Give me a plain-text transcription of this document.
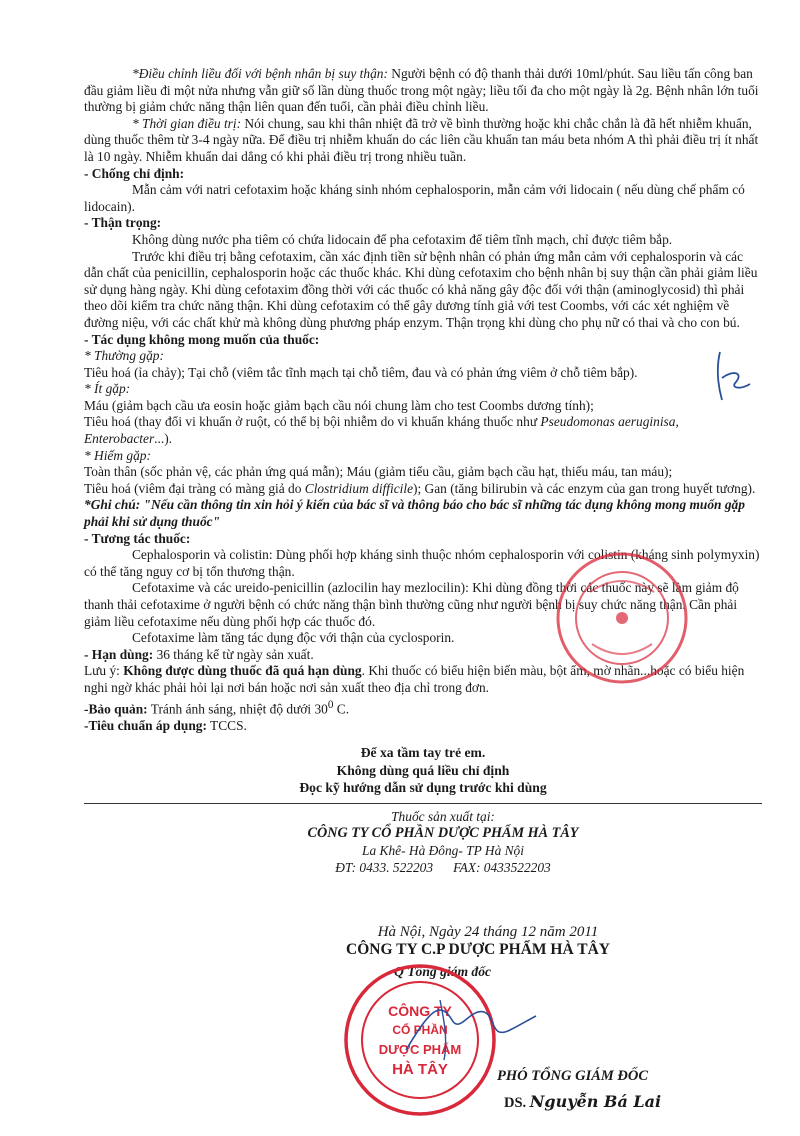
*Điều chỉnh liều đối với bệnh nhân bị suy thận: Người bệnh có độ thanh thải dưới 10ml/phút. Sau liều tấn công ban đầu giảm liều đi một nửa nhưng vẫn giữ số lần dùng thuốc trong một ngày; liều tối đa cho một ngày là 2g. Bệnh nhân lớn tuổi thường bị giảm chức năng thận liên quan đến tuổi, cần phải điều chỉnh liều.

* Thời gian điều trị: Nói chung, sau khi thân nhiệt đã trở về bình thường hoặc khi chắc chắn là đã hết nhiễm khuẩn, dùng thuốc thêm từ 3-4 ngày nữa. Để điều trị nhiễm khuẩn do các liên cầu khuẩn tan máu beta nhóm A thì phải điều trị ít nhất là 10 ngày. Nhiễm khuẩn dai dẳng có khi phải điều trị trong nhiều tuần.

- Chống chỉ định:

Mẫn cảm với natri cefotaxim hoặc kháng sinh nhóm cephalosporin, mẫn cảm với lidocain ( nếu dùng chế phẩm có lidocain).

- Thận trọng:

Không dùng nước pha tiêm có chứa lidocain để pha cefotaxim để tiêm tĩnh mạch, chỉ được tiêm bắp.

Trước khi điều trị bằng cefotaxim, cần xác định tiền sử bệnh nhân có phản ứng mẫn cảm với cephalosporin và các dẫn chất của penicillin, cephalosporin hoặc các thuốc khác. Khi dùng cefotaxim cho bệnh nhân bị suy thận cần phải giảm liều sử dụng hàng ngày. Khi dùng cefotaxim đồng thời với các thuốc có khả năng gây độc đối với thận (aminoglycosid) thì phải theo dõi kiểm tra chức năng thận. Khi dùng cefotaxim có thể gây dương tính giả với test Coombs, với các xét nghiệm về đường niệu, với các chất khử mà không dùng phương pháp enzym. Thận trọng khi dùng cho phụ nữ có thai và cho con bú.

- Tác dụng không mong muốn của thuốc:

* Thường gặp:

Tiêu hoá (ỉa chảy); Tại chỗ (viêm tắc tĩnh mạch tại chỗ tiêm, đau và có phản ứng viêm ở chỗ tiêm bắp).

* Ít gặp:

Máu (giảm bạch cầu ưa eosin hoặc giảm bạch cầu nói chung làm cho test Coombs dương tính);

Tiêu hoá (thay đổi vi khuẩn ở ruột, có thể bị bội nhiễm do vi khuẩn kháng thuốc như Pseudomonas aeruginisa, Enterobacter...).

* Hiếm gặp:

Toàn thân (sốc phản vệ, các phản ứng quá mẫn); Máu (giảm tiểu cầu, giảm bạch cầu hạt, thiếu máu, tan máu);

Tiêu hoá (viêm đại tràng có màng giả do Clostridium difficile); Gan (tăng bilirubin và các enzym của gan trong huyết tương).

*Ghi chú: "Nếu cần thông tin xin hỏi ý kiến của bác sĩ và thông báo cho bác sĩ những tác dụng không mong muốn gặp phải khi sử dụng thuốc"

- Tương tác thuốc:

Cephalosporin và colistin: Dùng phối hợp kháng sinh thuộc nhóm cephalosporin với colistin (kháng sinh polymyxin) có thể tăng nguy cơ bị tổn thương thận.

Cefotaxime và các ureido-penicillin (azlocilin hay mezlocilin): Khi dùng đồng thời các thuốc này sẽ làm giảm độ thanh thải cefotaxime ở người bệnh có chức năng thận bình thường cũng như người bệnh bị suy chức năng thận. Cần phải giảm liều cefotaxime nếu dùng phối hợp các thuốc đó.

Cefotaxime làm tăng tác dụng độc với thận của cyclosporin.

- Hạn dùng: 36 tháng kể từ ngày sản xuất.

Lưu ý: Không được dùng thuốc đã quá hạn dùng. Khi thuốc có biểu hiện biến màu, bột ẩm, mờ nhãn...hoặc có biểu hiện nghi ngờ khác phải hỏi lại nơi bán hoặc nơi sản xuất theo địa chỉ trong đơn.

-Bảo quản: Tránh ánh sáng, nhiệt độ dưới $30^0$ C.

-Tiêu chuẩn áp dụng: TCCS.

Để xa tầm tay trẻ em.
Không dùng quá liều chỉ định
Đọc kỹ hướng dẫn sử dụng trước khi dùng
Thuốc sản xuất tại:
CÔNG TY CỔ PHẦN DƯỢC PHẨM HÀ TÂY
La Khê- Hà Đông- TP Hà Nội
ĐT: 0433. 522203 FAX: 0433522203
Hà Nội, Ngày 24 tháng 12 năm 2011
CÔNG TY C.P DƯỢC PHẨM HÀ TÂY
Q Tổng giám đốc
PHÓ TỔNG GIÁM ĐỐC
DS. Nguyễn Bá Lai
CÔNG TY
CỔ PHẦN
DƯỢC PHẨM
HÀ TÂY
